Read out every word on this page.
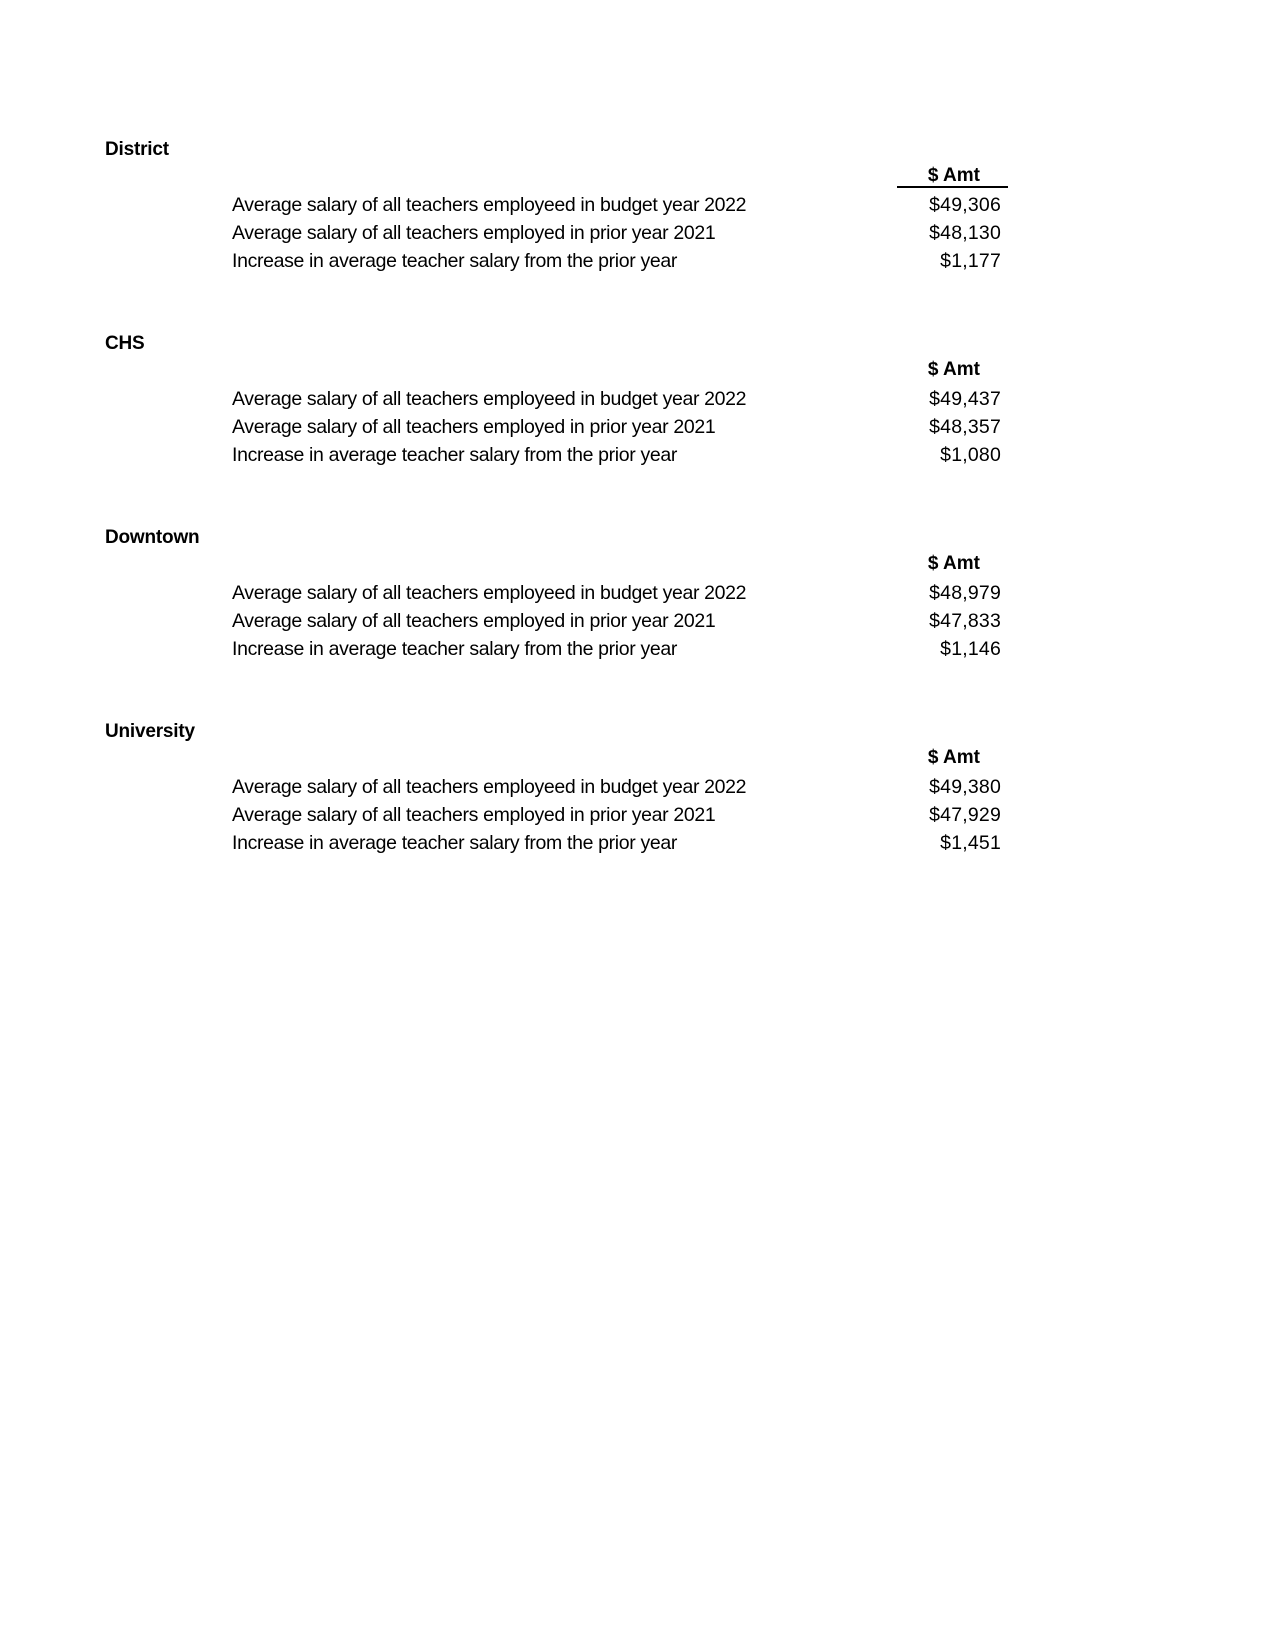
District
$ Amt
Average salary of all teachers employeed in budget year 2022	$49,306
Average salary of all teachers employed in prior year 2021	$48,130
Increase in average teacher salary from the prior year	$1,177
CHS
$ Amt
Average salary of all teachers employeed in budget year 2022	$49,437
Average salary of all teachers employed in prior year 2021	$48,357
Increase in average teacher salary from the prior year	$1,080
Downtown
$ Amt
Average salary of all teachers employeed in budget year 2022	$48,979
Average salary of all teachers employed in prior year 2021	$47,833
Increase in average teacher salary from the prior year	$1,146
University
$ Amt
Average salary of all teachers employeed in budget year 2022	$49,380
Average salary of all teachers employed in prior year 2021	$47,929
Increase in average teacher salary from the prior year	$1,451
